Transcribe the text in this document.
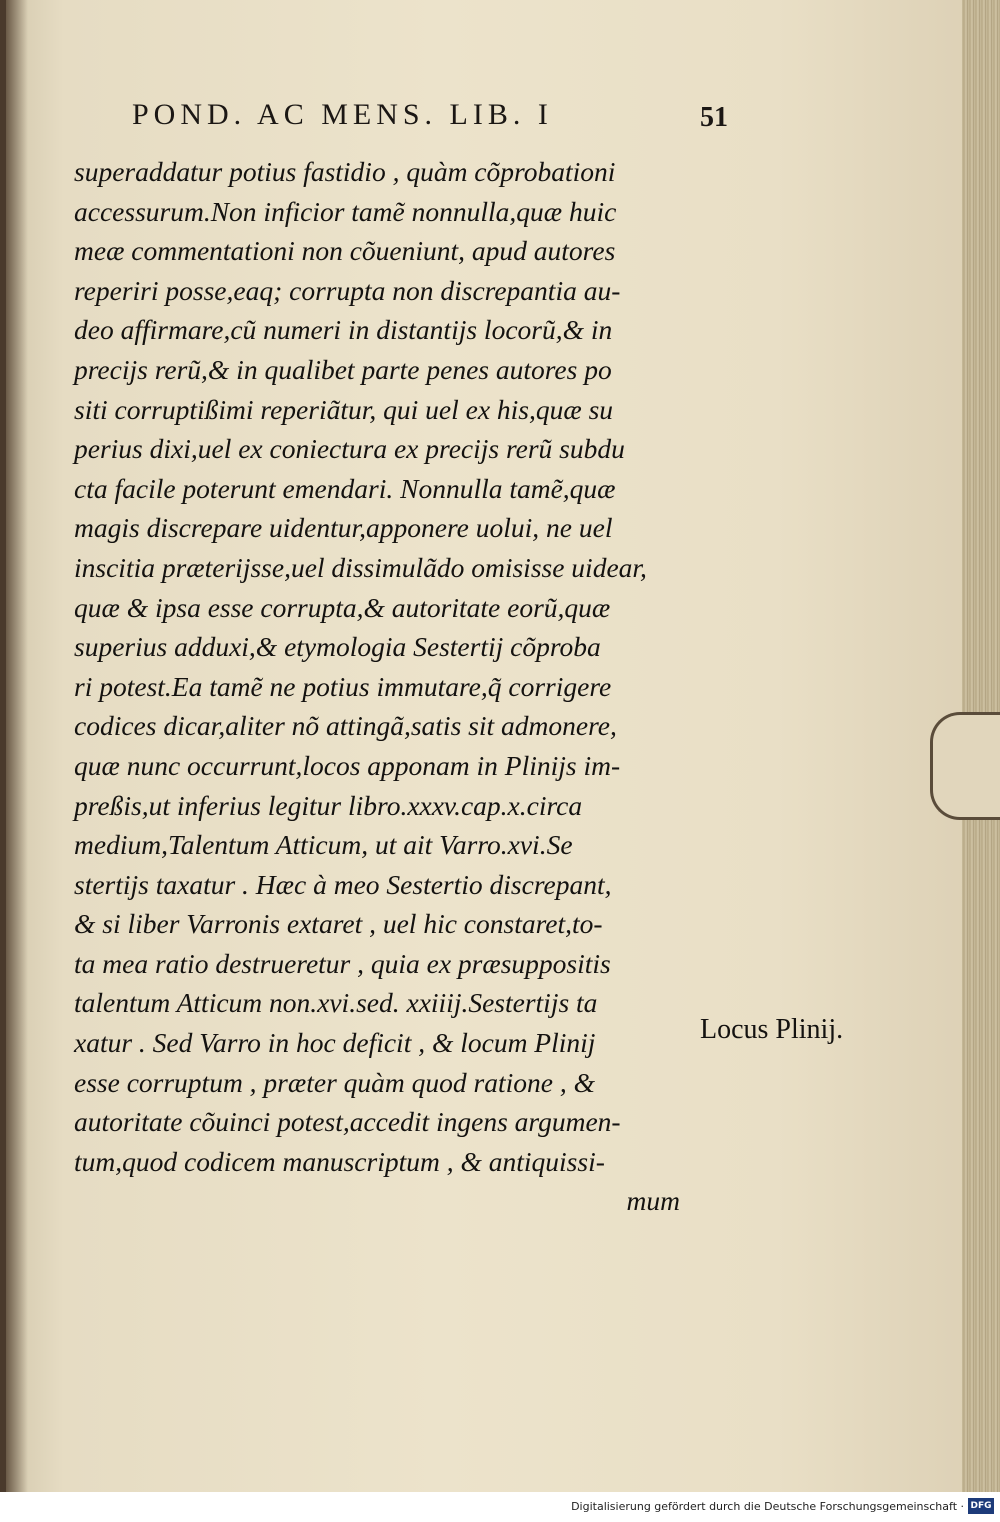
POND. AC MENS. LIB. I	51
superaddatur potius fastidio , quàm cõprobationi
accessurum.Non inficior tamẽ nonnulla,quæ huic
meæ commentationi non cõueniunt, apud autores
reperiri posse,eaq; corrupta non discrepantia au-
deo affirmare,cũ numeri in distantijs locorũ,& in
precijs rerũ,& in qualibet parte penes autores po
siti corruptißimi reperiãtur, qui uel ex his,quæ su
perius dixi,uel ex coniectura ex precijs rerũ subdu
cta facile poterunt emendari. Nonnulla tamẽ,quæ
magis discrepare uidentur,apponere uolui, ne uel
inscitia præterijsse,uel dissimulãdo omisisse uidear,
quæ & ipsa esse corrupta,& autoritate eorũ,quæ
superius adduxi,& etymologia Sestertij cõproba
ri potest.Ea tamẽ ne potius immutare,q̃ corrigere
codices dicar,aliter nõ attingã,satis sit admonere,
quæ nunc occurrunt,locos apponam in Plinijs im-
preßis,ut inferius legitur libro.xxxv.cap.x.circa
medium,Talentum Atticum, ut ait Varro.xvi.Se
stertijs taxatur . Hæc à meo Sestertio discrepant,
& si liber Varronis extaret , uel hic constaret,to-
ta mea ratio destrueretur , quia ex præsuppositis
talentum Atticum non.xvi.sed. xxiiij.Sestertijs ta
xatur . Sed Varro in hoc deficit , & locum Plinij
esse corruptum , præter quàm quod ratione , &
autoritate cõuinci potest,accedit ingens argumen-
tum,quod codicem manuscriptum , & antiquissi-
mum
Locus Plinij.
Digitalisierung gefördert durch die Deutsche Forschungsgemeinschaft · DFG
